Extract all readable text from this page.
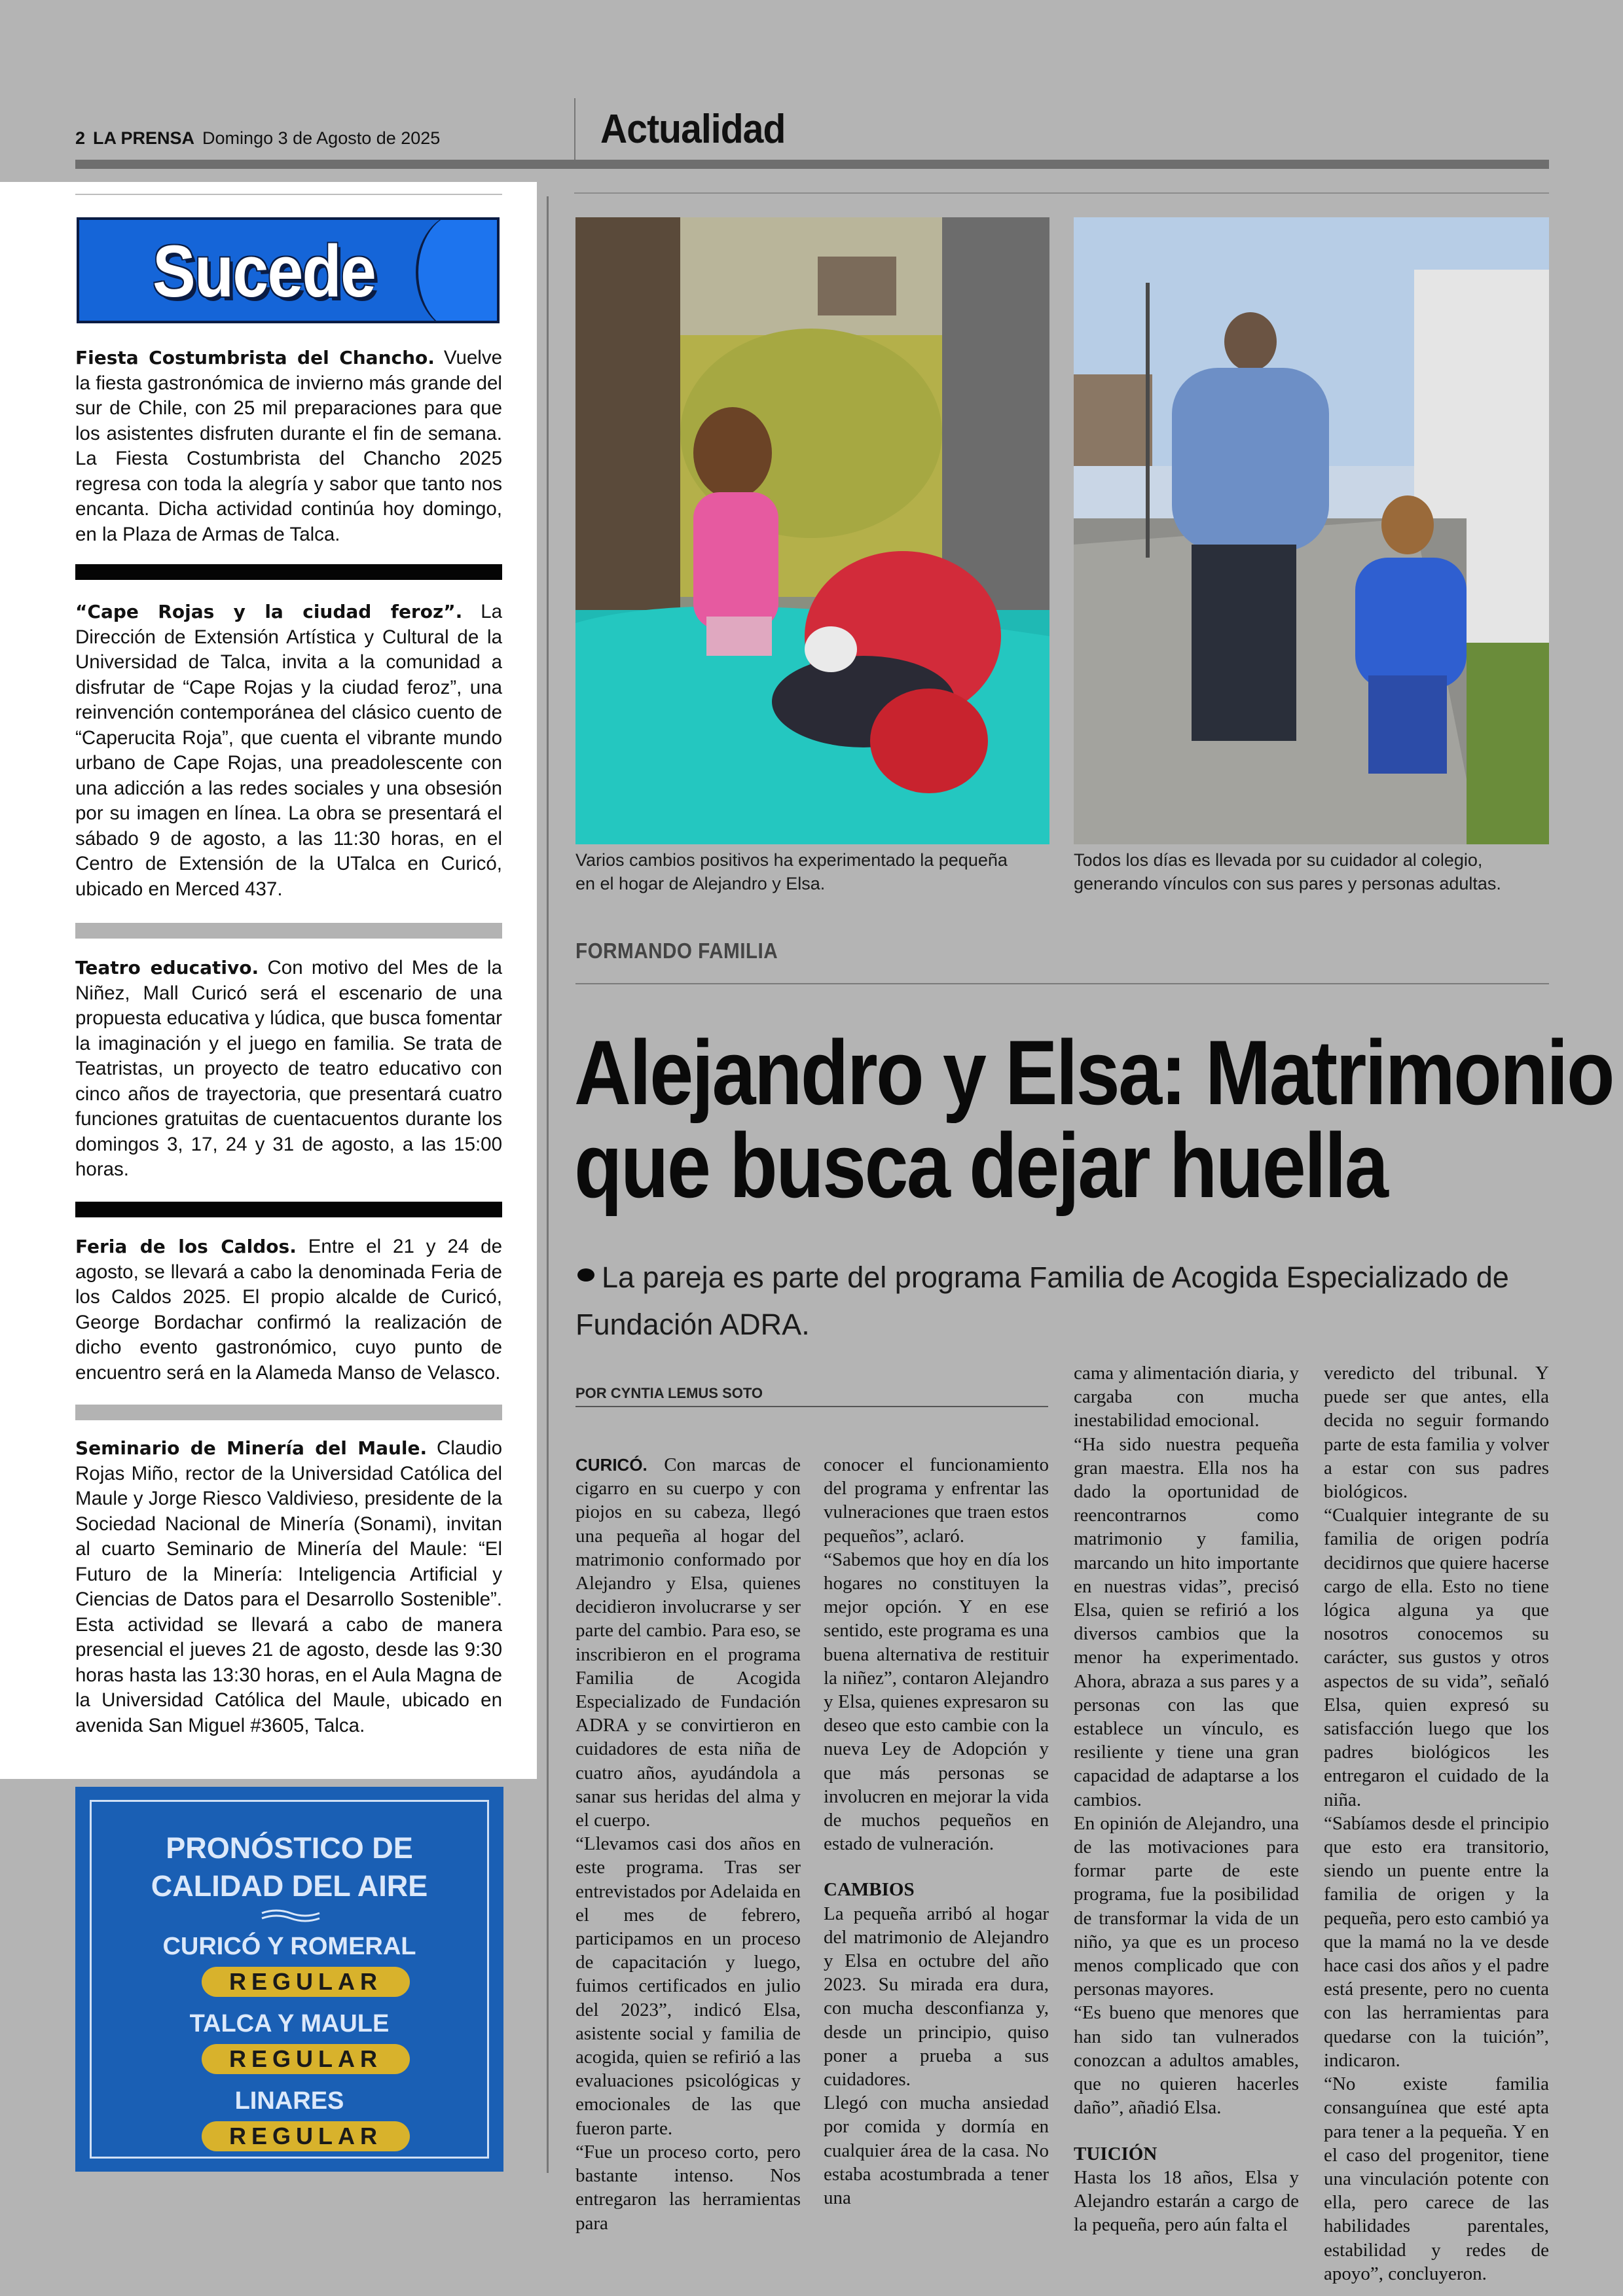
2 LA PRENSA Domingo 3 de Agosto de 2025	Actualidad
Sucede
Fiesta Costumbrista del Chancho. Vuelve la fiesta gastronómica de invierno más grande del sur de Chile, con 25 mil preparaciones para que los asistentes disfruten durante el fin de semana. La Fiesta Costumbrista del Chancho 2025 regresa con toda la alegría y sabor que tanto nos encanta. Dicha actividad continúa hoy domingo, en la Plaza de Armas de Talca.
“Cape Rojas y la ciudad feroz”. La Dirección de Extensión Artística y Cultural de la Universidad de Talca, invita a la comunidad a disfrutar de “Cape Rojas y la ciudad feroz”, una reinvención contemporánea del clásico cuento de “Caperucita Roja”, que cuenta el vibrante mundo urbano de Cape Rojas, una preadolescente con una adicción a las redes sociales y una obsesión por su imagen en línea. La obra se presentará el sábado 9 de agosto, a las 11:30 horas, en el Centro de Extensión de la UTalca en Curicó, ubicado en Merced 437.
Teatro educativo. Con motivo del Mes de la Niñez, Mall Curicó será el escenario de una propuesta educativa y lúdica, que busca fomentar la imaginación y el juego en familia. Se trata de Teatristas, un proyecto de teatro educativo con cinco años de trayectoria, que presentará cuatro funciones gratuitas de cuentacuentos durante los domingos 3, 17, 24 y 31 de agosto, a las 15:00 horas.
Feria de los Caldos. Entre el 21 y 24 de agosto, se llevará a cabo la denominada Feria de los Caldos 2025. El propio alcalde de Curicó, George Bordachar confirmó la realización de dicho evento gastronómico, cuyo punto de encuentro será en la Alameda Manso de Velasco.
Seminario de Minería del Maule. Claudio Rojas Miño, rector de la Universidad Católica del Maule y Jorge Riesco Valdivieso, presidente de la Sociedad Nacional de Minería (Sonami), invitan al cuarto Seminario de Minería del Maule: “El Futuro de la Minería: Inteligencia Artificial y Ciencias de Datos para el Desarrollo Sostenible”. Esta actividad se llevará a cabo de manera presencial el jueves 21 de agosto, desde las 9:30 horas hasta las 13:30 horas, en el Aula Magna de la Universidad Católica del Maule, ubicado en avenida San Miguel #3605, Talca.
PRONÓSTICO DE
CALIDAD DEL AIRE
CURICÓ Y ROMERAL
REGULAR
TALCA Y MAULE
REGULAR
LINARES
REGULAR
Varios cambios positivos ha experimentado la pequeña en el hogar de Alejandro y Elsa.
Todos los días es llevada por su cuidador al colegio, generando vínculos con sus pares y personas adultas.
FORMANDO FAMILIA
Alejandro y Elsa: Matrimonio
que busca dejar huella
La pareja es parte del programa Familia de Acogida Especializado de Fundación ADRA.
POR CYNTIA LEMUS SOTO

CURICÓ. Con marcas de cigarro en su cuerpo y con piojos en su cabeza, llegó una pequeña al hogar del matrimonio conformado por Alejandro y Elsa, quienes decidieron involucrarse y ser parte del cambio. Para eso, se inscribieron en el programa Familia de Acogida Especializado de Fundación ADRA y se convirtieron en cuidadores de esta niña de cuatro años, ayudándola a sanar sus heridas del alma y el cuerpo.

“Llevamos casi dos años en este programa. Tras ser entrevistados por Adelaida en el mes de febrero, participamos en un proceso de capacitación y luego, fuimos certificados en julio del 2023”, indicó Elsa, asistente social y familia de acogida, quien se refirió a las evaluaciones psicológicas y emocionales de las que fueron parte.

“Fue un proceso corto, pero bastante intenso. Nos entregaron las herramientas para

conocer el funcionamiento del programa y enfrentar las vulneraciones que traen estos pequeños”, aclaró.

“Sabemos que hoy en día los hogares no constituyen la mejor opción. Y en ese sentido, este programa es una buena alternativa de restituir la niñez”, contaron Alejandro y Elsa, quienes expresaron su deseo que esto cambie con la nueva Ley de Adopción y que más personas se involucren en mejorar la vida de muchos pequeños en estado de vulneración.

CAMBIOS

La pequeña arribó al hogar del matrimonio de Alejandro y Elsa en octubre del año 2023. Su mirada era dura, con mucha desconfianza y, desde un principio, quiso poner a prueba a sus cuidadores.

Llegó con mucha ansiedad por comida y dormía en cualquier área de la casa. No estaba acostumbrada a tener una

cama y alimentación diaria, y cargaba con mucha inestabilidad emocional.

“Ha sido nuestra pequeña gran maestra. Ella nos ha dado la oportunidad de reencontrarnos como matrimonio y familia, marcando un hito importante en nuestras vidas”, precisó Elsa, quien se refirió a los diversos cambios que la menor ha experimentado. Ahora, abraza a sus pares y a personas con las que establece un vínculo, es resiliente y tiene una gran capacidad de adaptarse a los cambios.

En opinión de Alejandro, una de las motivaciones para formar parte de este programa, fue la posibilidad de transformar la vida de un niño, ya que es un proceso menos complicado que con personas mayores.

“Es bueno que menores que han sido tan vulnerados conozcan a adultos amables, que no quieren hacerles daño”, añadió Elsa.

TUICIÓN

Hasta los 18 años, Elsa y Alejandro estarán a cargo de la pequeña, pero aún falta el

veredicto del tribunal. Y puede ser que antes, ella decida no seguir formando parte de esta familia y volver a estar con sus padres biológicos.

“Cualquier integrante de su familia de origen podría decidirnos que quiere hacerse cargo de ella. Esto no tiene lógica alguna ya que nosotros conocemos su carácter, sus gustos y otros aspectos de su vida”, señaló Elsa, quien expresó su satisfacción luego que los padres biológicos les entregaron el cuidado de la niña.

“Sabíamos desde el principio que esto era transitorio, siendo un puente entre la familia de origen y la pequeña, pero esto cambió ya que la mamá no la ve desde hace casi dos años y el padre está presente, pero no cuenta con las herramientas para quedarse con la tuición”, indicaron.

“No existe familia consanguínea que esté apta para tener a la pequeña. Y en el caso del progenitor, tiene una vinculación potente con ella, pero carece de las habilidades parentales, estabilidad y redes de apoyo”, concluyeron.
